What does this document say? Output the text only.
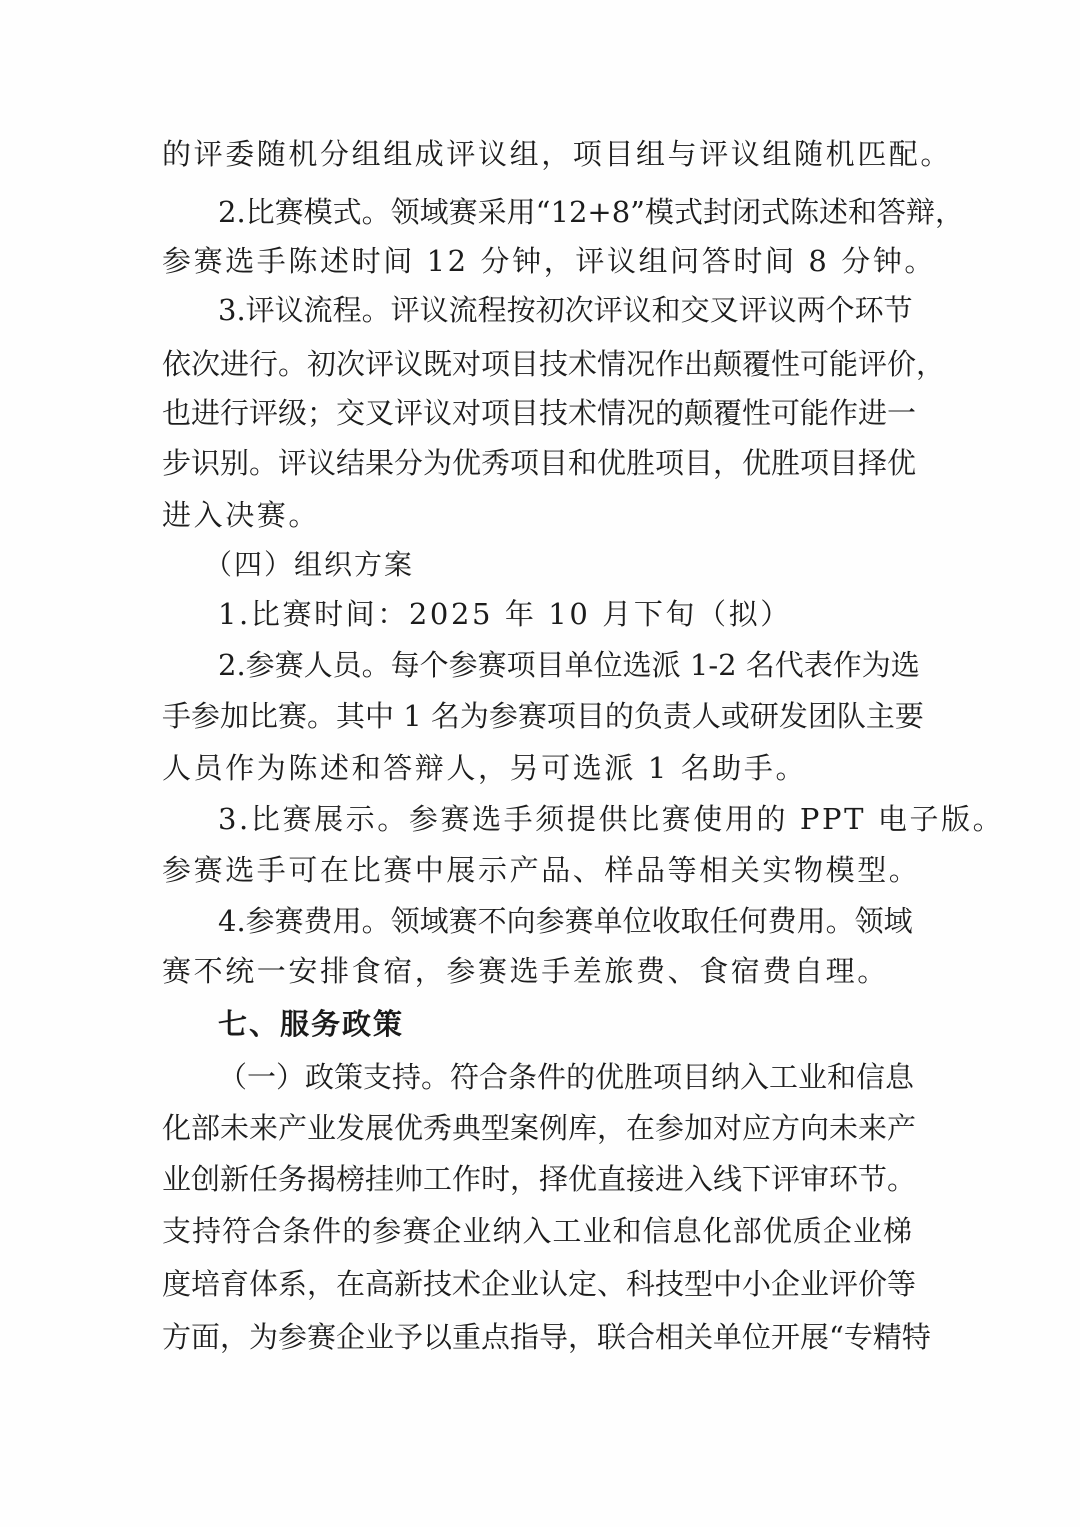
的评委随机分组组成评议组，项目组与评议组随机匹配。
2.比赛模式。领域赛采用“12+8”模式封闭式陈述和答辩，
参赛选手陈述时间 12 分钟，评议组问答时间 8 分钟。
3.评议流程。评议流程按初次评议和交叉评议两个环节
依次进行。初次评议既对项目技术情况作出颠覆性可能评价，
也进行评级；交叉评议对项目技术情况的颠覆性可能作进一
步识别。评议结果分为优秀项目和优胜项目，优胜项目择优
进入决赛。
（四）组织方案
1.比赛时间：2025 年 10 月下旬（拟）
2.参赛人员。每个参赛项目单位选派 1-2 名代表作为选
手参加比赛。其中 1 名为参赛项目的负责人或研发团队主要
人员作为陈述和答辩人，另可选派 1 名助手。
3.比赛展示。参赛选手须提供比赛使用的 PPT 电子版。
参赛选手可在比赛中展示产品、样品等相关实物模型。
4.参赛费用。领域赛不向参赛单位收取任何费用。领域
赛不统一安排食宿，参赛选手差旅费、食宿费自理。
七、服务政策
（一）政策支持。符合条件的优胜项目纳入工业和信息
化部未来产业发展优秀典型案例库，在参加对应方向未来产
业创新任务揭榜挂帅工作时，择优直接进入线下评审环节。
支持符合条件的参赛企业纳入工业和信息化部优质企业梯
度培育体系，在高新技术企业认定、科技型中小企业评价等
方面，为参赛企业予以重点指导，联合相关单位开展“专精特
